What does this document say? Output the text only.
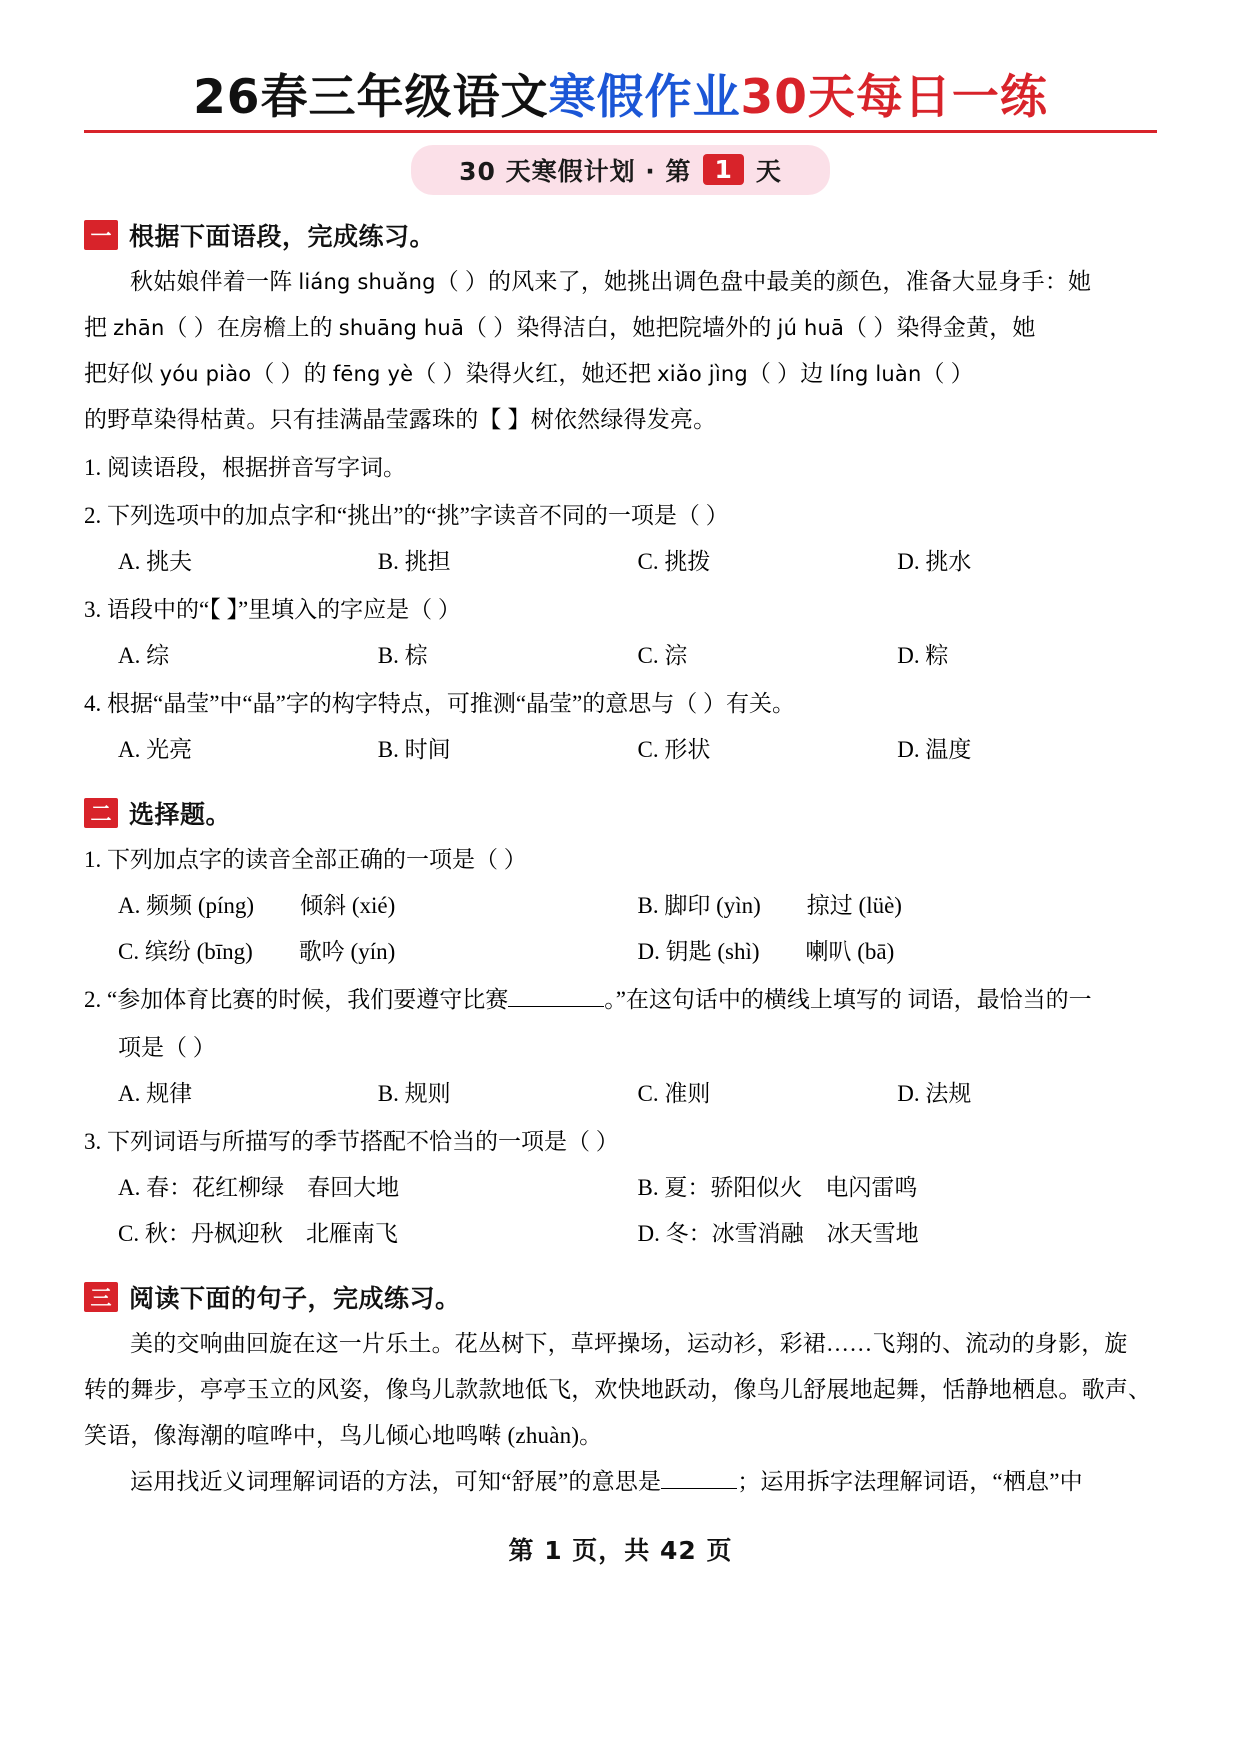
26春三年级语文寒假作业30天每日一练
30 天寒假计划 · 第 1 天
一 根据下面语段，完成练习。
秋姑娘伴着一阵 liáng shuǎng（ ）的风来了，她挑出调色盘中最美的颜色，准备大显身手：她
把 zhān（ ）在房檐上的 shuāng huā（ ）染得洁白，她把院墙外的 jú huā（ ）染得金黄，她
把好似 yóu piào（ ）的 fēng yè（ ）染得火红，她还把 xiǎo jìng（ ）边 líng luàn（ ）
的野草染得枯黄。只有挂满晶莹露珠的【 】树依然绿得发亮。
1. 阅读语段，根据拼音写字词。
2. 下列选项中的加点字和“挑出”的“挑”字读音不同的一项是（ ）
A. 挑夫	B. 挑担	C. 挑拨	D. 挑水
3. 语段中的“【 】”里填入的字应是（ ）
A. 综	B. 棕	C. 淙	D. 粽
4. 根据“晶莹”中“晶”字的构字特点，可推测“晶莹”的意思与（ ）有关。
A. 光亮	B. 时间	C. 形状	D. 温度
二 选择题。
1. 下列加点字的读音全部正确的一项是（ ）
A. 频频 (píng)　　倾斜 (xié)	B. 脚印 (yìn)　　掠过 (lüè)
C. 缤纷 (bīng)　　歌吟 (yín)	D. 钥匙 (shì)　　喇叭 (bā)
2. “参加体育比赛的时候，我们要遵守比赛	。”在这句话中的横线上填写的 词语，最恰当的一
项是（ ）
A. 规律	B. 规则	C. 准则	D. 法规
3. 下列词语与所描写的季节搭配不恰当的一项是（ ）
A. 春：花红柳绿　春回大地	B. 夏：骄阳似火　电闪雷鸣
C. 秋：丹枫迎秋　北雁南飞	D. 冬：冰雪消融　冰天雪地
三 阅读下面的句子，完成练习。
美的交响曲回旋在这一片乐土。花丛树下，草坪操场，运动衫，彩裙……飞翔的、流动的身影，旋
转的舞步，亭亭玉立的风姿，像鸟儿款款地低飞，欢快地跃动，像鸟儿舒展地起舞，恬静地栖息。歌声、
笑语，像海潮的喧哗中，鸟儿倾心地鸣啭 (zhuàn)。
运用找近义词理解词语的方法，可知“舒展”的意思是	；运用拆字法理解词语，“栖息”中
第 1 页，共 42 页
